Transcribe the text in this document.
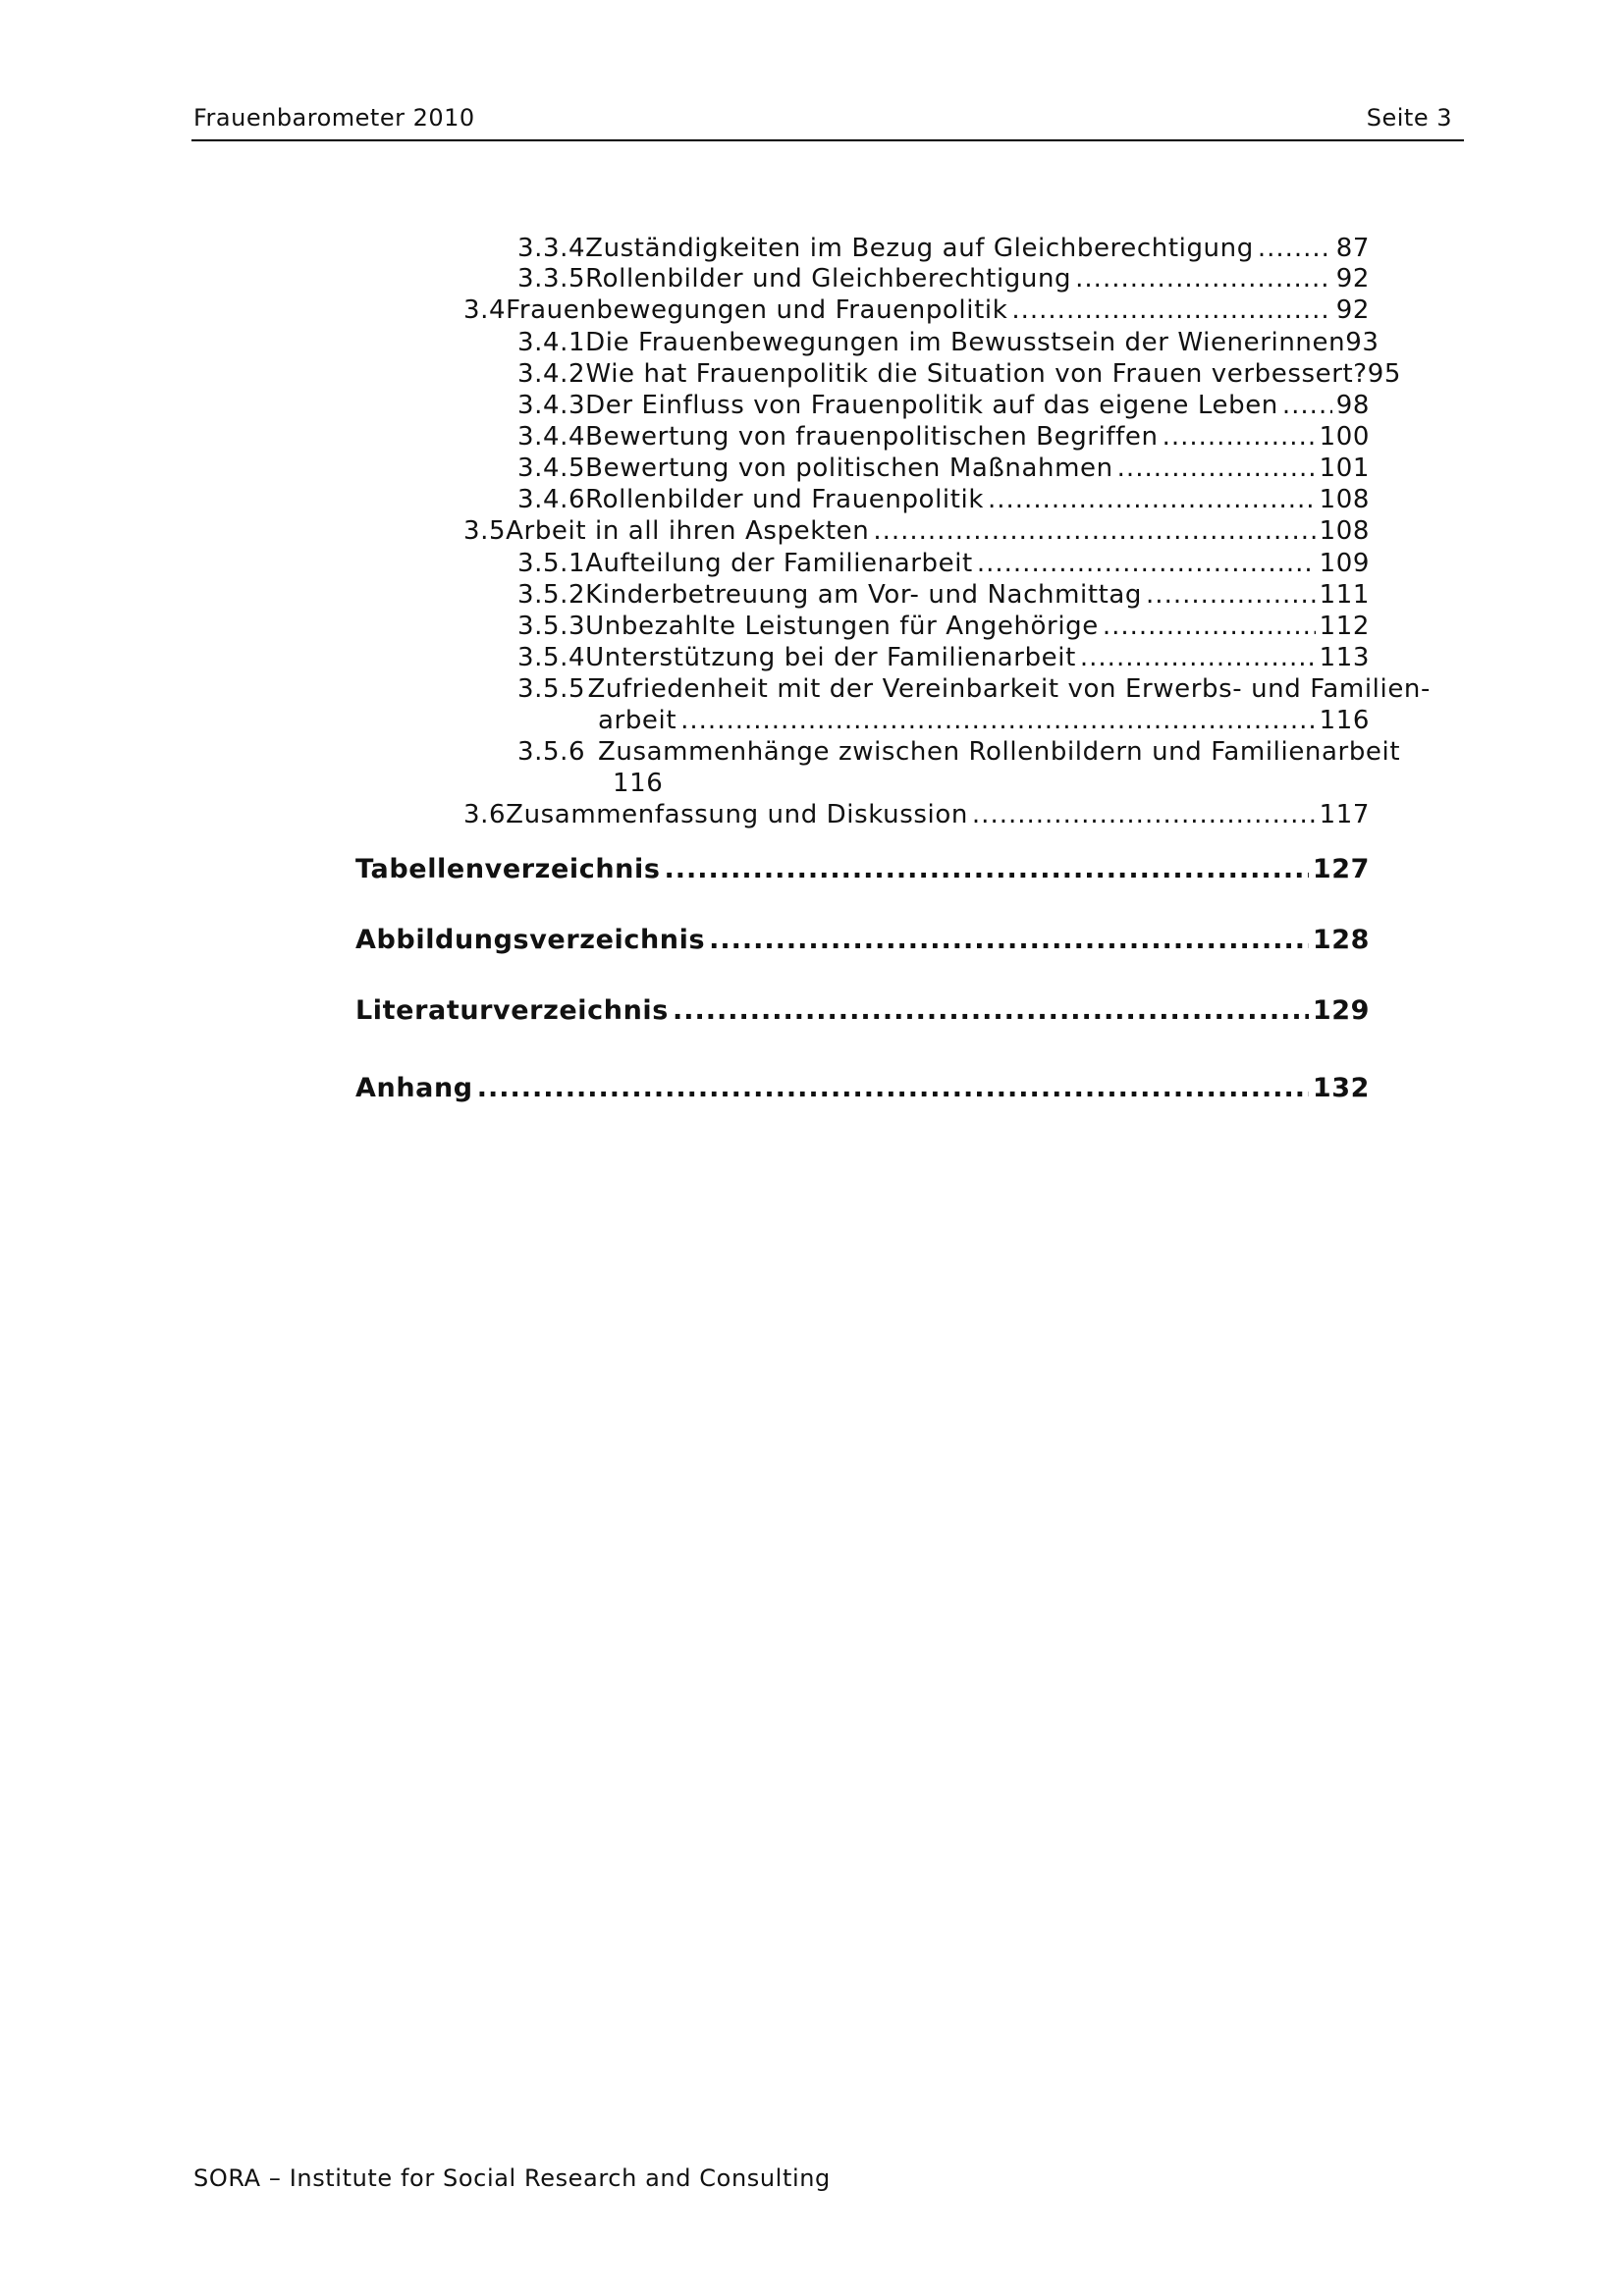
Frauenbarometer 2010	Seite 3
3.3.4 Zuständigkeiten im Bezug auf Gleichberechtigung .....	87
3.3.5 Rollenbilder und Gleichberechtigung .....	92
3.4 Frauenbewegungen und Frauenpolitik .....	92
3.4.1 Die Frauenbewegungen im Bewusstsein der Wienerinnen 93
3.4.2 Wie hat Frauenpolitik die Situation von Frauen verbessert? 95
3.4.3 Der Einfluss von Frauenpolitik auf das eigene Leben ..... 98
3.4.4 Bewertung von frauenpolitischen Begriffen .....	100
3.4.5 Bewertung von politischen Maßnahmen .....	101
3.4.6 Rollenbilder und Frauenpolitik .....	108
3.5 Arbeit in all ihren Aspekten .....	108
3.5.1 Aufteilung der Familienarbeit .....	109
3.5.2 Kinderbetreuung am Vor- und Nachmittag .....	111
3.5.3 Unbezahlte Leistungen für Angehörige .....	112
3.5.4 Unterstützung bei der Familienarbeit .....	113
3.5.5 Zufriedenheit mit der Vereinbarkeit von Erwerbs- und Familien-
arbeit .....	116
3.5.6 Zusammenhänge zwischen Rollenbildern und Familienarbeit
116
3.6 Zusammenfassung und Diskussion .....	117
Tabellenverzeichnis .....	127
Abbildungsverzeichnis .....	128
Literaturverzeichnis .....	129
Anhang .....	132
SORA – Institute for Social Research and Consulting
